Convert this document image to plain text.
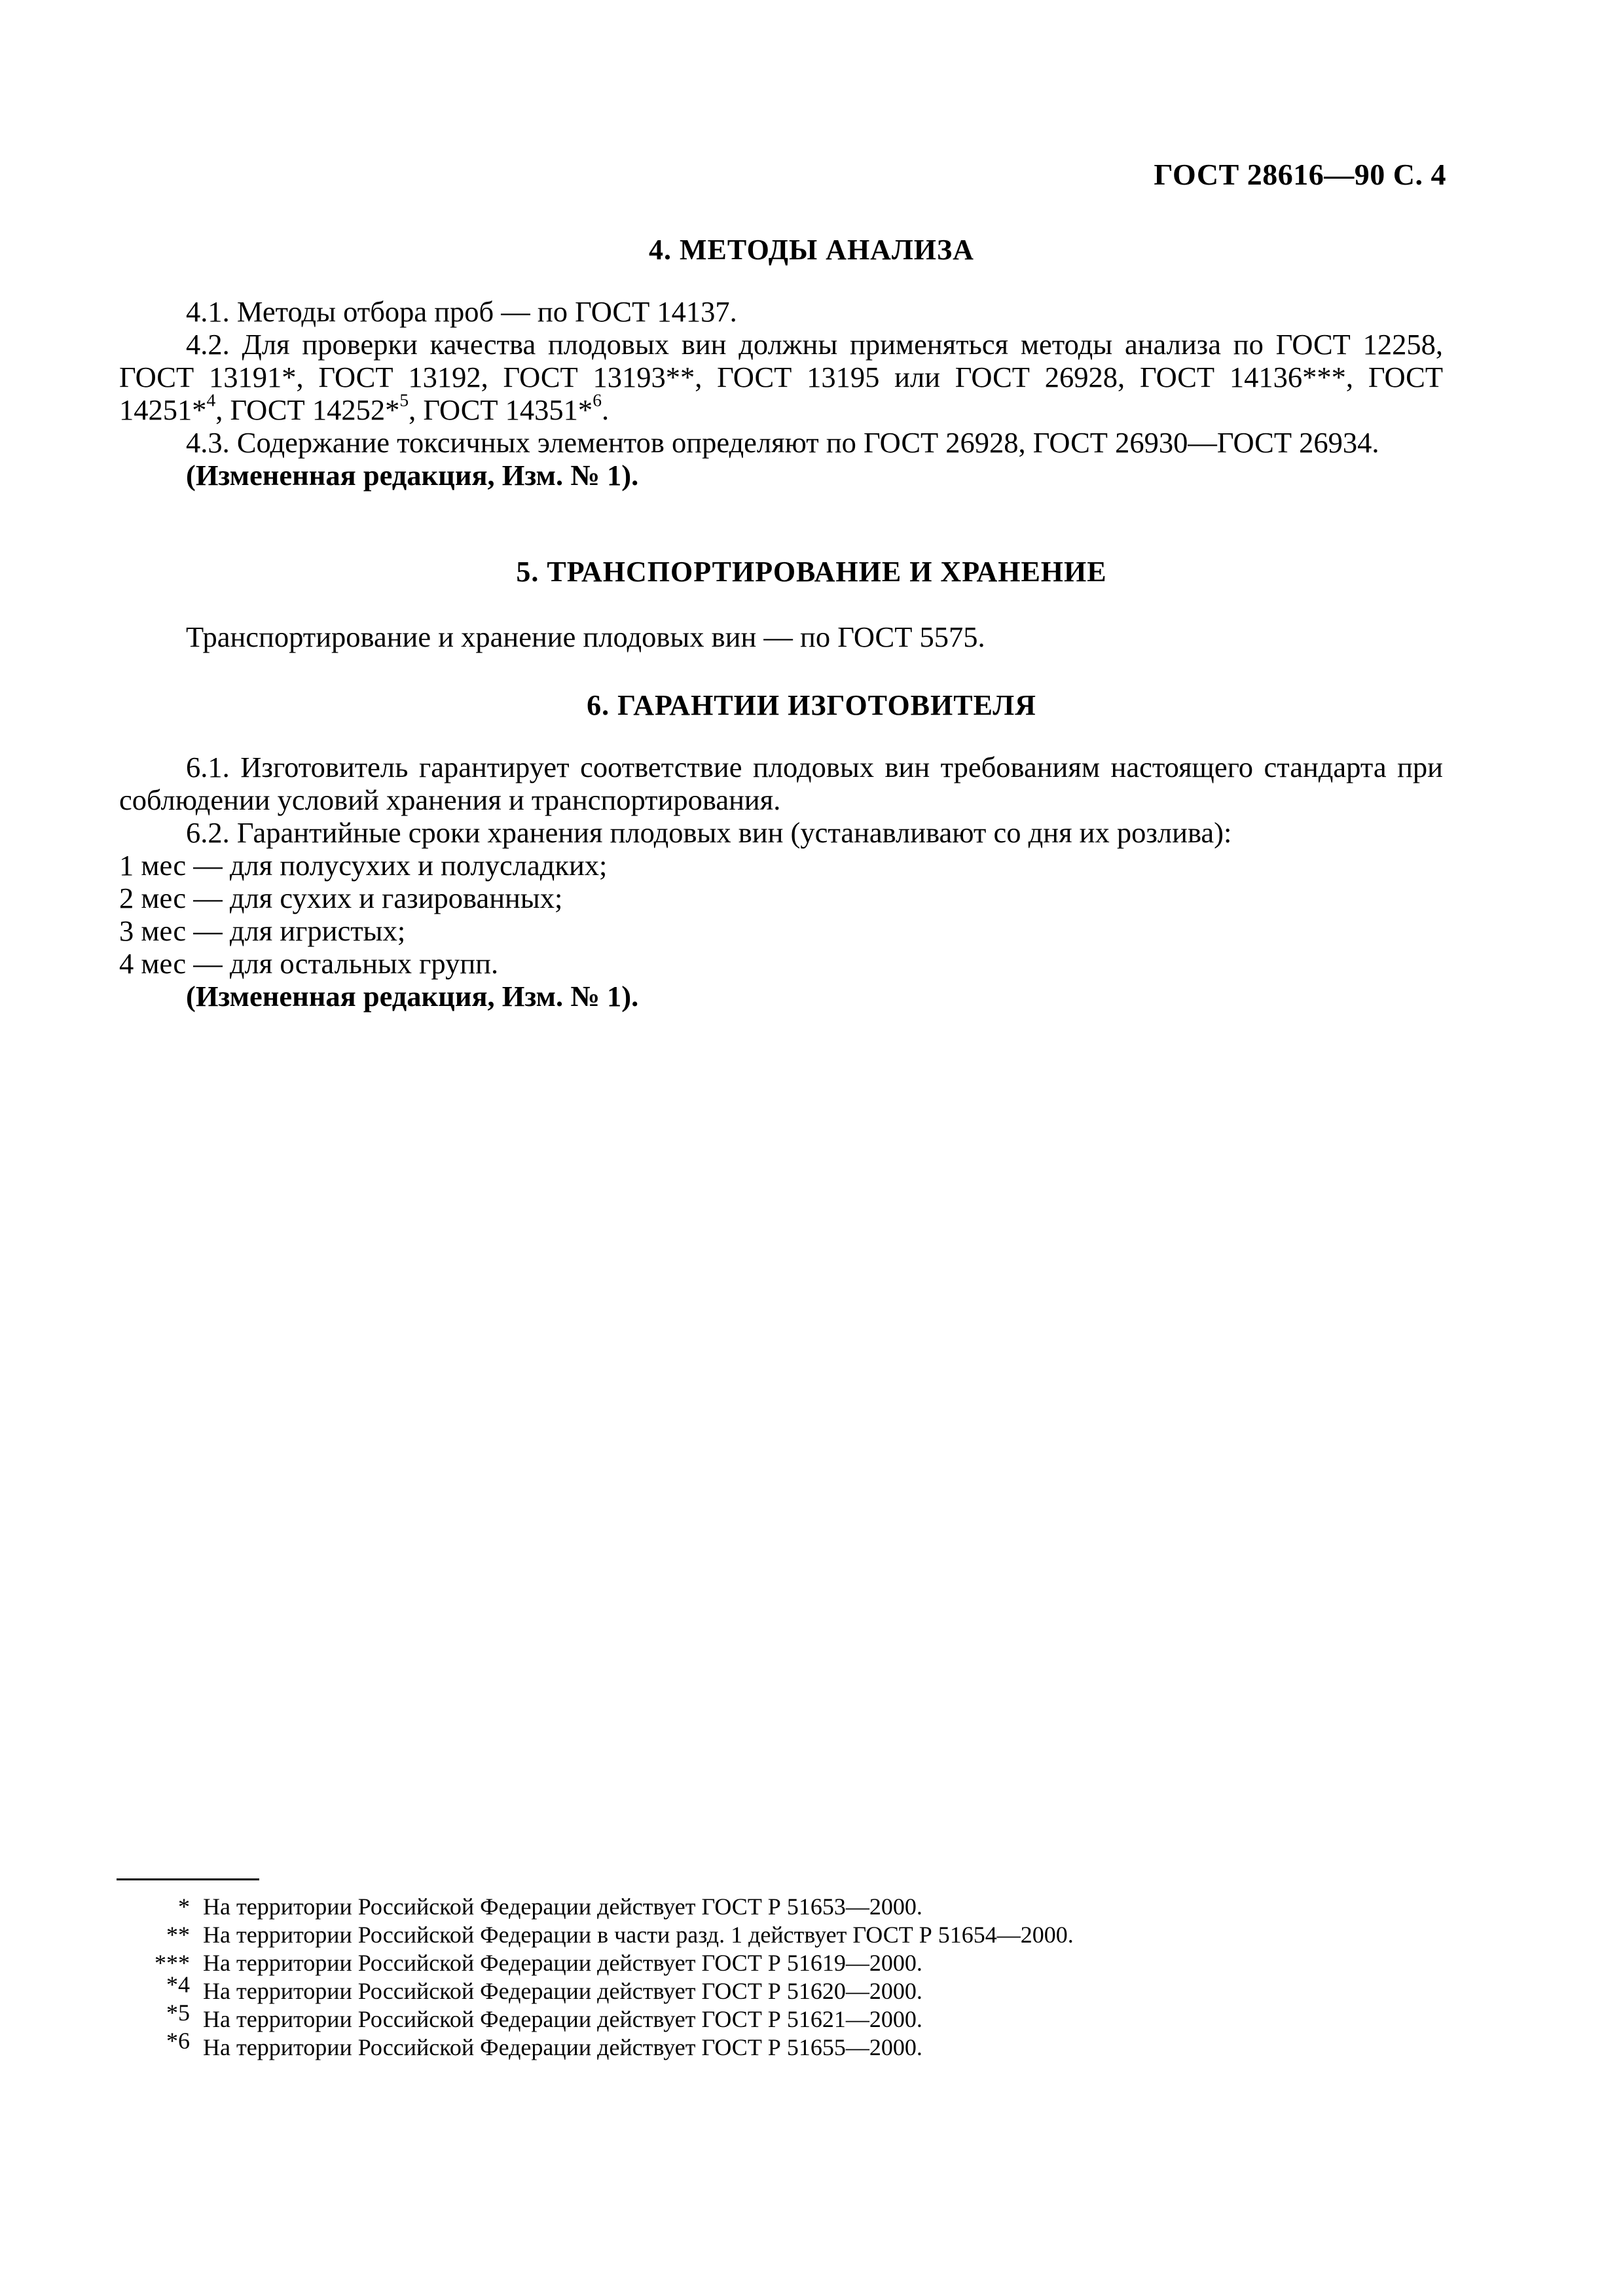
ГОСТ 28616—90 С. 4
4. МЕТОДЫ АНАЛИЗА

4.1. Методы отбора проб — по ГОСТ 14137.

4.2. Для проверки качества плодовых вин должны применяться методы анализа по ГОСТ 12258, ГОСТ 13191*, ГОСТ 13192, ГОСТ 13193**, ГОСТ 13195 или ГОСТ 26928, ГОСТ 14136***, ГОСТ 14251*$^4$, ГОСТ 14252*$^5$, ГОСТ 14351*$^6$.

4.3. Содержание токсичных элементов определяют по ГОСТ 26928, ГОСТ 26930—ГОСТ 26934.

(Измененная редакция, Изм. № 1).

5. ТРАНСПОРТИРОВАНИЕ И ХРАНЕНИЕ

Транспортирование и хранение плодовых вин — по ГОСТ 5575.

6. ГАРАНТИИ ИЗГОТОВИТЕЛЯ

6.1. Изготовитель гарантирует соответствие плодовых вин требованиям настоящего стандарта при соблюдении условий хранения и транспортирования.

6.2. Гарантийные сроки хранения плодовых вин (устанавливают со дня их розлива):

1 мес — для полусухих и полусладких;

2 мес — для сухих и газированных;

3 мес — для игристых;

4 мес — для остальных групп.

(Измененная редакция, Изм. № 1).

* На территории Российской Федерации действует ГОСТ Р 51653—2000.
** На территории Российской Федерации в части разд. 1 действует ГОСТ Р 51654—2000.
*** На территории Российской Федерации действует ГОСТ Р 51619—2000.
*4 На территории Российской Федерации действует ГОСТ Р 51620—2000.
*5 На территории Российской Федерации действует ГОСТ Р 51621—2000.
*6 На территории Российской Федерации действует ГОСТ Р 51655—2000.
